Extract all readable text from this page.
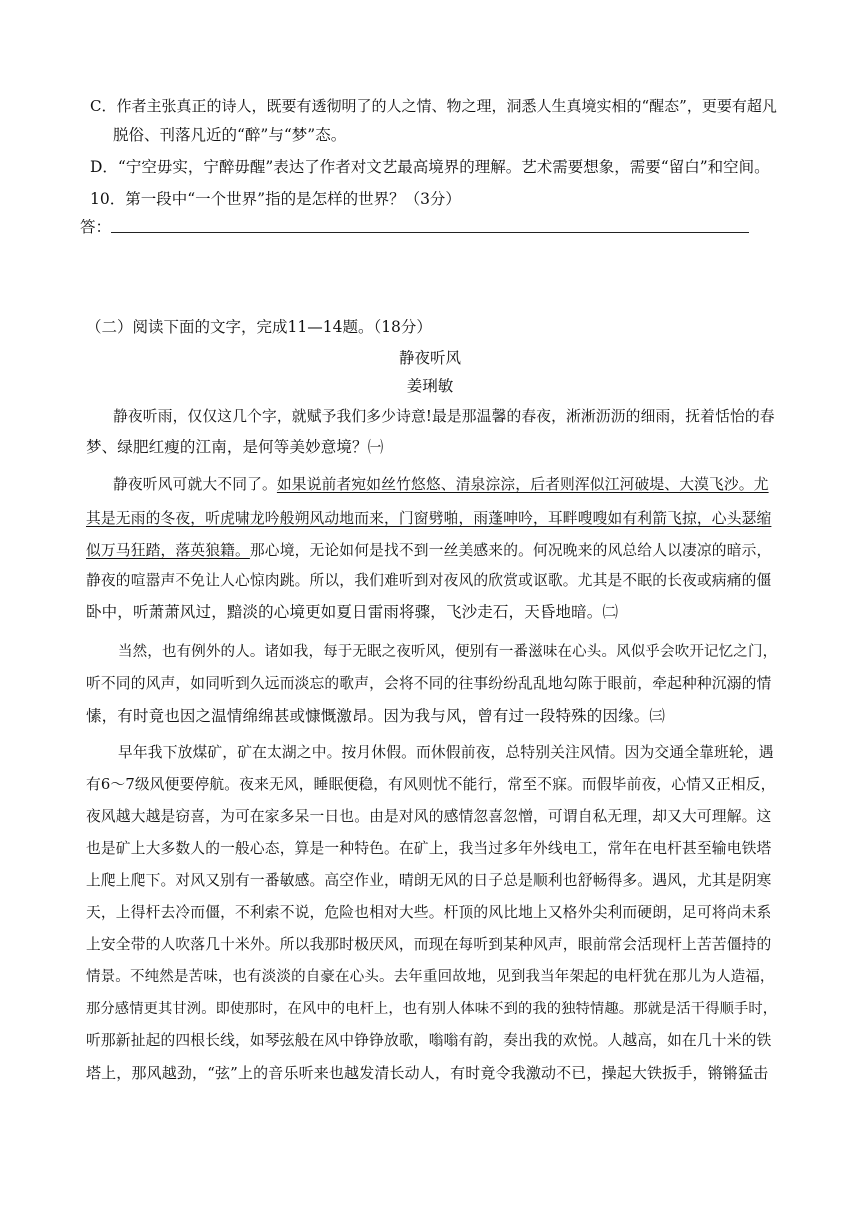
C．作者主张真正的诗人，既要有透彻明了的人之情、物之理，洞悉人生真境实相的“醒态”，更要有超凡
脱俗、刊落凡近的“醉”与“梦”态。
D．“宁空毋实，宁醉毋醒”表达了作者对文艺最高境界的理解。艺术需要想象，需要“留白”和空间。
10．第一段中“一个世界”指的是怎样的世界？（3分）
答：
（二）阅读下面的文字，完成11—14题。（18分）
静夜听风
姜琍敏
静夜听雨，仅仅这几个字，就赋予我们多少诗意!最是那温馨的春夜，淅淅沥沥的细雨，抚着恬怡的春
梦、绿肥红瘦的江南，是何等美妙意境？㈠
静夜听风可就大不同了。如果说前者宛如丝竹悠悠、清泉淙淙，后者则浑似江河破堤、大漠飞沙。尤
其是无雨的冬夜，听虎啸龙吟般朔风动地而来，门窗劈啪，雨蓬呻吟，耳畔嗖嗖如有利箭飞掠，心头瑟缩
似万马狂踏，落英狼籍。那心境，无论如何是找不到一丝美感来的。何况晚来的风总给人以凄凉的暗示，
静夜的喧嚣声不免让人心惊肉跳。所以，我们难听到对夜风的欣赏或讴歌。尤其是不眠的长夜或病痛的僵
卧中，听萧萧风过，黯淡的心境更如夏日雷雨将骤，飞沙走石，天昏地暗。㈡
当然，也有例外的人。诸如我，每于无眠之夜听风，便别有一番滋味在心头。风似乎会吹开记忆之门，
听不同的风声，如同听到久远而淡忘的歌声，会将不同的往事纷纷乱乱地勾陈于眼前，牵起种种沉溺的情
愫，有时竟也因之温情绵绵甚或慷慨激昂。因为我与风，曾有过一段特殊的因缘。㈢
早年我下放煤矿，矿在太湖之中。按月休假。而休假前夜，总特别关注风情。因为交通全靠班轮，遇
有6～7级风便要停航。夜来无风，睡眠便稳，有风则忧不能行，常至不寐。而假毕前夜，心情又正相反，
夜风越大越是窃喜，为可在家多呆一日也。由是对风的感情忽喜忽憎，可谓自私无理，却又大可理解。这
也是矿上大多数人的一般心态，算是一种特色。在矿上，我当过多年外线电工，常年在电杆甚至输电铁塔
上爬上爬下。对风又别有一番敏感。高空作业，晴朗无风的日子总是顺利也舒畅得多。遇风，尤其是阴寒
天，上得杆去冷而僵，不利索不说，危险也相对大些。杆顶的风比地上又格外尖利而硬朗，足可将尚未系
上安全带的人吹落几十米外。所以我那时极厌风，而现在每听到某种风声，眼前常会活现杆上苦苦僵持的
情景。不纯然是苦味，也有淡淡的自豪在心头。去年重回故地，见到我当年架起的电杆犹在那儿为人造福，
那分感情更其甘洌。即使那时，在风中的电杆上，也有别人体味不到的我的独特情趣。那就是活干得顺手时，
听那新扯起的四根长线，如琴弦般在风中铮铮放歌，嗡嗡有韵，奏出我的欢悦。人越高，如在几十米的铁
塔上，那风越劲，“弦”上的音乐听来也越发清长动人，有时竟令我激动不已，操起大铁扳手，锵锵猛击
